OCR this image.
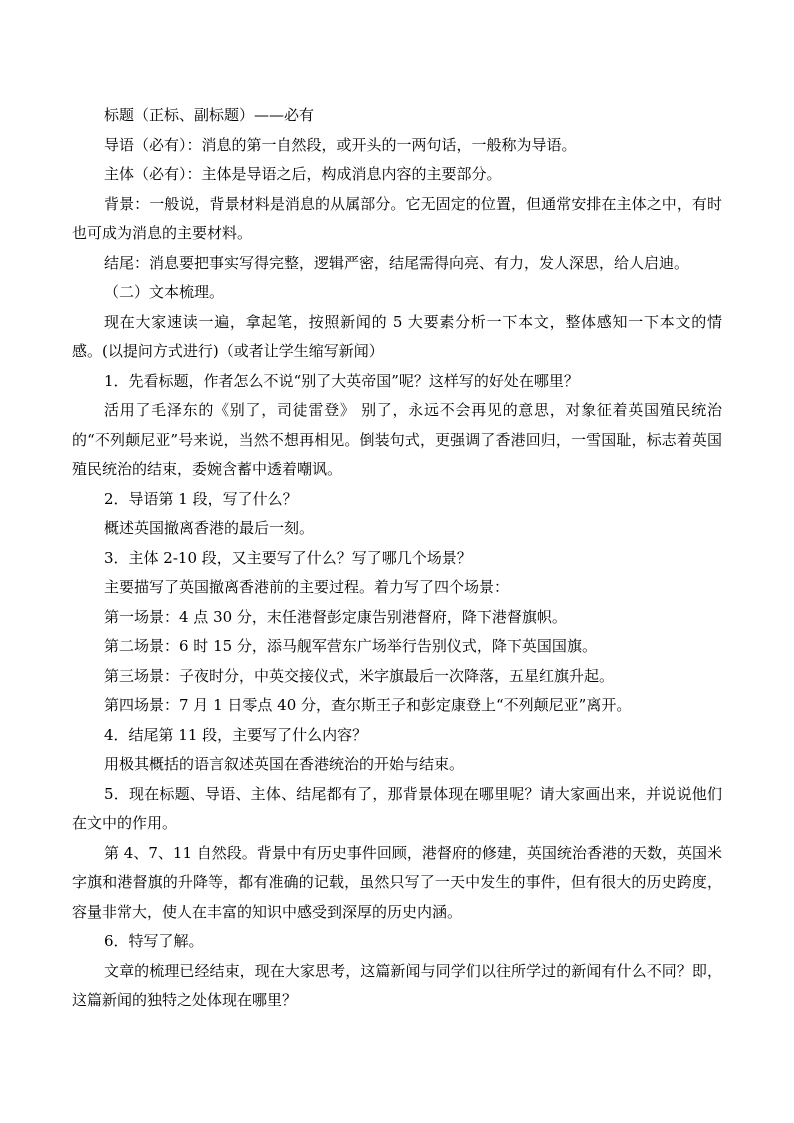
标题（正标、副标题）——必有

导语（必有）：消息的第一自然段，或开头的一两句话，一般称为导语。

主体（必有）：主体是导语之后，构成消息内容的主要部分。

背景：一般说，背景材料是消息的从属部分。它无固定的位置，但通常安排在主体之中，有时也可成为消息的主要材料。

结尾：消息要把事实写得完整，逻辑严密，结尾需得向亮、有力，发人深思，给人启迪。

（二）文本梳理。

现在大家速读一遍，拿起笔，按照新闻的 5 大要素分析一下本文，整体感知一下本文的情感。(以提问方式进行)（或者让学生缩写新闻）

1．先看标题，作者怎么不说“别了大英帝国”呢？这样写的好处在哪里？

活用了毛泽东的《别了，司徒雷登》 别了，永远不会再见的意思，对象征着英国殖民统治的“不列颠尼亚”号来说，当然不想再相见。倒装句式，更强调了香港回归，一雪国耻，标志着英国殖民统治的结束，委婉含蓄中透着嘲讽。

2．导语第 1 段，写了什么？

概述英国撤离香港的最后一刻。

3．主体 2-10 段，又主要写了什么？写了哪几个场景？

主要描写了英国撤离香港前的主要过程。着力写了四个场景：

第一场景：4 点 30 分，末任港督彭定康告别港督府，降下港督旗帜。

第二场景：6 时 15 分，添马舰军营东广场举行告别仪式，降下英国国旗。

第三场景：子夜时分，中英交接仪式，米字旗最后一次降落，五星红旗升起。

第四场景：7 月 1 日零点 40 分，查尔斯王子和彭定康登上“不列颠尼亚”离开。

4．结尾第 11 段，主要写了什么内容？

用极其概括的语言叙述英国在香港统治的开始与结束。

5．现在标题、导语、主体、结尾都有了，那背景体现在哪里呢？请大家画出来，并说说他们在文中的作用。

第 4、7、11 自然段。背景中有历史事件回顾，港督府的修建，英国统治香港的天数，英国米字旗和港督旗的升降等，都有准确的记载，虽然只写了一天中发生的事件，但有很大的历史跨度，容量非常大，使人在丰富的知识中感受到深厚的历史内涵。

6．特写了解。

文章的梳理已经结束，现在大家思考，这篇新闻与同学们以往所学过的新闻有什么不同？即，这篇新闻的独特之处体现在哪里？
